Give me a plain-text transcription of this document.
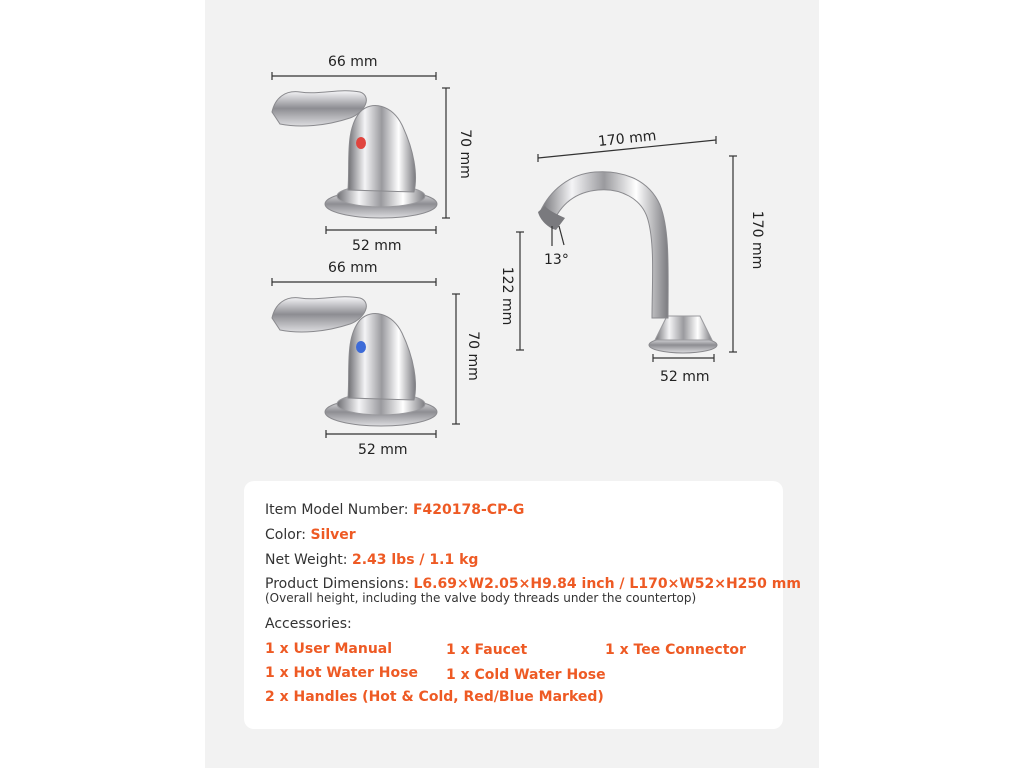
66 mm
70 mm
52 mm
66 mm
70 mm
52 mm
170 mm
170 mm
122 mm
52 mm
13°
Item Model Number: F420178-CP-G
Color: Silver
Net Weight: 2.43 lbs / 1.1 kg
Product Dimensions: L6.69×W2.05×H9.84 inch / L170×W52×H250 mm
(Overall height, including the valve body threads under the countertop)
Accessories:
1 x User Manual	1 x Faucet	1 x Tee Connector
1 x Hot Water Hose 1 x Cold Water Hose
2 x Handles (Hot & Cold, Red/Blue Marked)
